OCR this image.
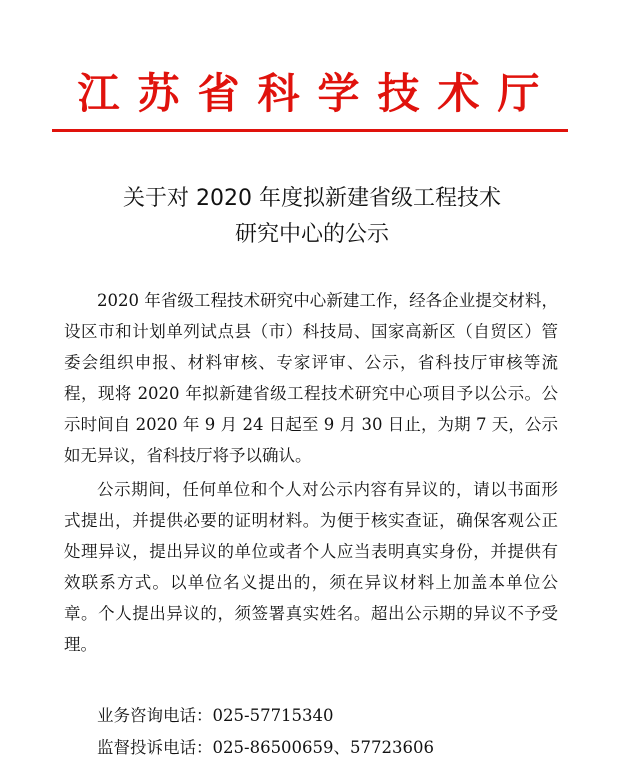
江苏省科学技术厅
关于对 2020 年度拟新建省级工程技术
研究中心的公示

2020 年省级工程技术研究中心新建工作，经各企业提交材料，设区市和计划单列试点县（市）科技局、国家高新区（自贸区）管委会组织申报、材料审核、专家评审、公示，省科技厅审核等流程，现将 2020 年拟新建省级工程技术研究中心项目予以公示。公示时间自 2020 年 9 月 24 日起至 9 月 30 日止，为期 7 天，公示如无异议，省科技厅将予以确认。

公示期间，任何单位和个人对公示内容有异议的，请以书面形式提出，并提供必要的证明材料。为便于核实查证，确保客观公正处理异议，提出异议的单位或者个人应当表明真实身份，并提供有效联系方式。以单位名义提出的，须在异议材料上加盖本单位公章。个人提出异议的，须签署真实姓名。超出公示期的异议不予受理。

业务咨询电话：025-57715340
监督投诉电话：025-86500659、57723606
